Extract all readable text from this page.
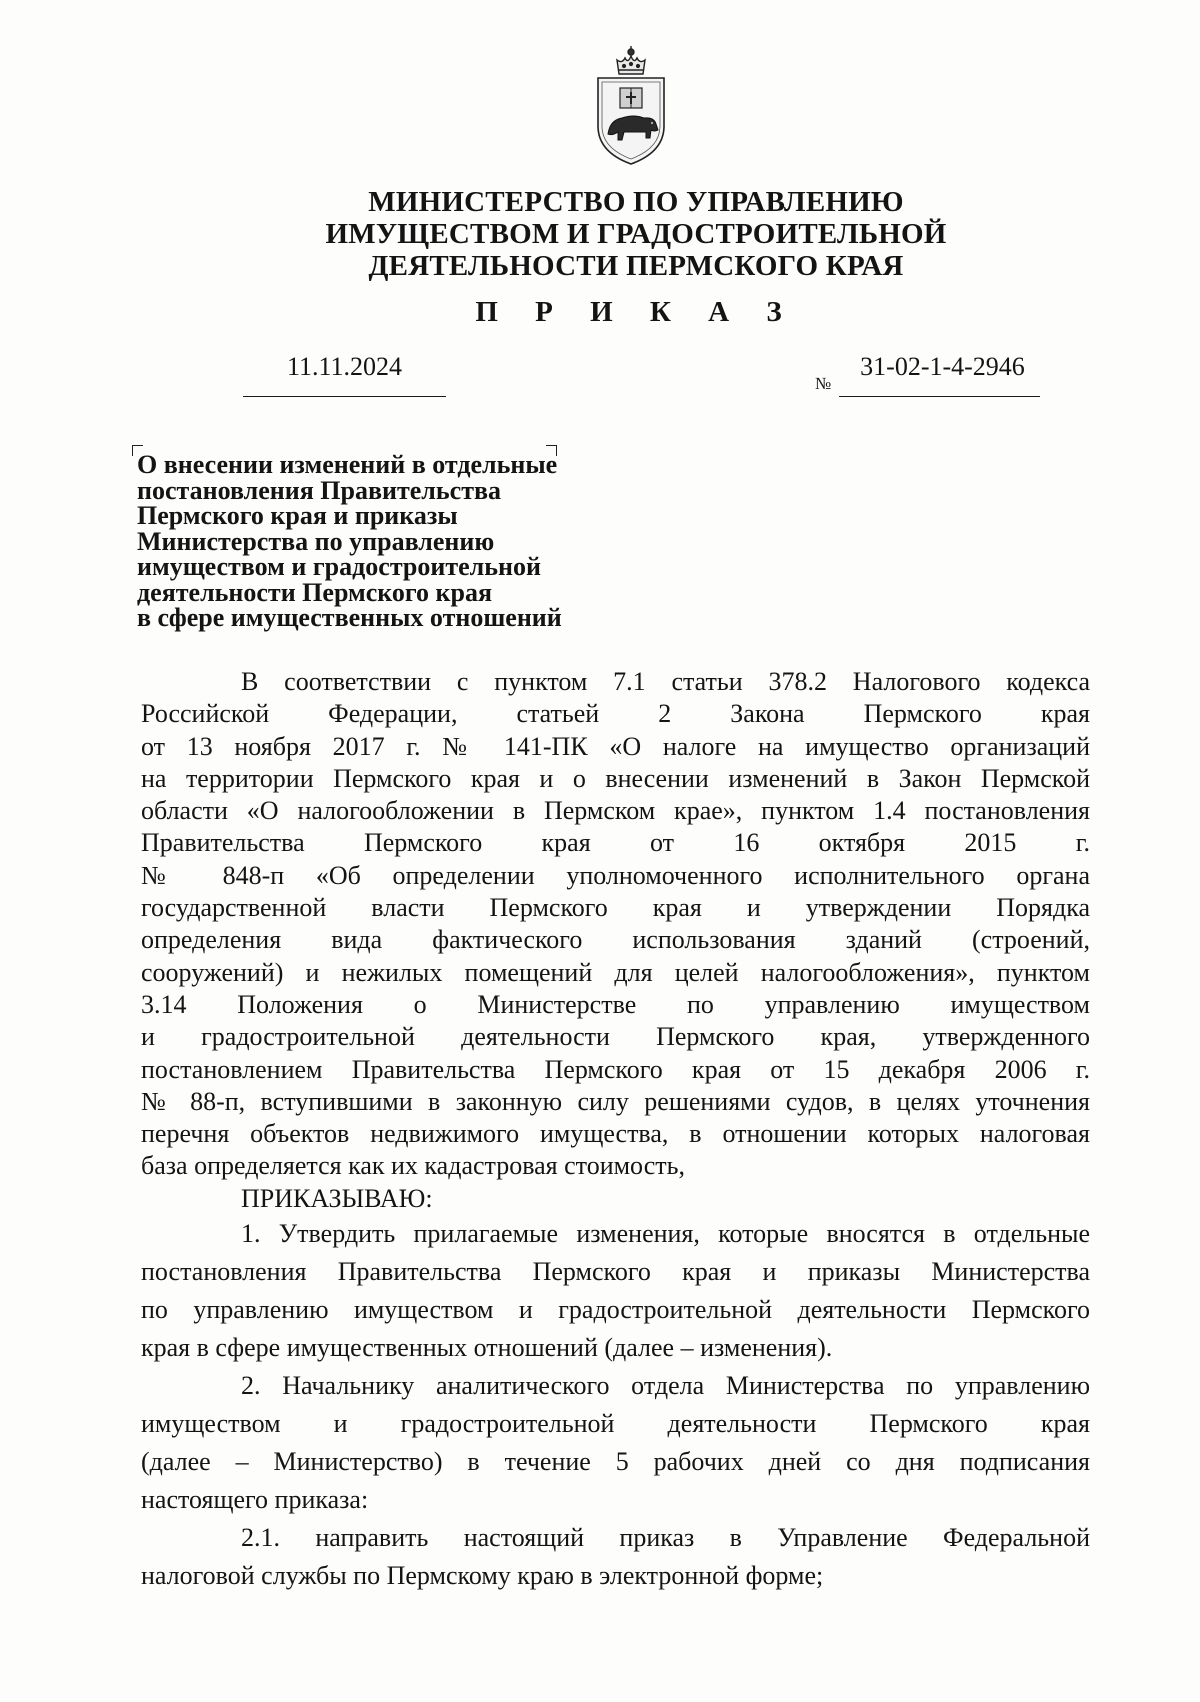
МИНИСТЕРСТВО ПО УПРАВЛЕНИЮ
ИМУЩЕСТВОМ И ГРАДОСТРОИТЕЛЬНОЙ
ДЕЯТЕЛЬНОСТИ ПЕРМСКОГО КРАЯ
П Р И К А З
11.11.2024
№
31-02-1-4-2946
О внесении изменений в отдельные
постановления Правительства
Пермского края и приказы
Министерства по управлению
имуществом и градостроительной
деятельности Пермского края
в сфере имущественных отношений
В соответствии с пунктом 7.1 статьи 378.2 Налогового кодекса
Российской Федерации, статьей 2 Закона Пермского края
от 13 ноября 2017 г. № 141-ПК «О налоге на имущество организаций
на территории Пермского края и о внесении изменений в Закон Пермской
области «О налогообложении в Пермском крае», пунктом 1.4 постановления
Правительства Пермского края от 16 октября 2015 г.
№ 848-п «Об определении уполномоченного исполнительного органа
государственной власти Пермского края и утверждении Порядка
определения вида фактического использования зданий (строений,
сооружений) и нежилых помещений для целей налогообложения», пунктом
3.14 Положения о Министерстве по управлению имуществом
и градостроительной деятельности Пермского края, утвержденного
постановлением Правительства Пермского края от 15 декабря 2006 г.
№ 88-п, вступившими в законную силу решениями судов, в целях уточнения
перечня объектов недвижимого имущества, в отношении которых налоговая
база определяется как их кадастровая стоимость,
ПРИКАЗЫВАЮ:
1. Утвердить прилагаемые изменения, которые вносятся в отдельные
постановления Правительства Пермского края и приказы Министерства
по управлению имуществом и градостроительной деятельности Пермского
края в сфере имущественных отношений (далее – изменения).
2. Начальнику аналитического отдела Министерства по управлению
имуществом и градостроительной деятельности Пермского края
(далее – Министерство) в течение 5 рабочих дней со дня подписания
настоящего приказа:
2.1. направить настоящий приказ в Управление Федеральной
налоговой службы по Пермскому краю в электронной форме;
